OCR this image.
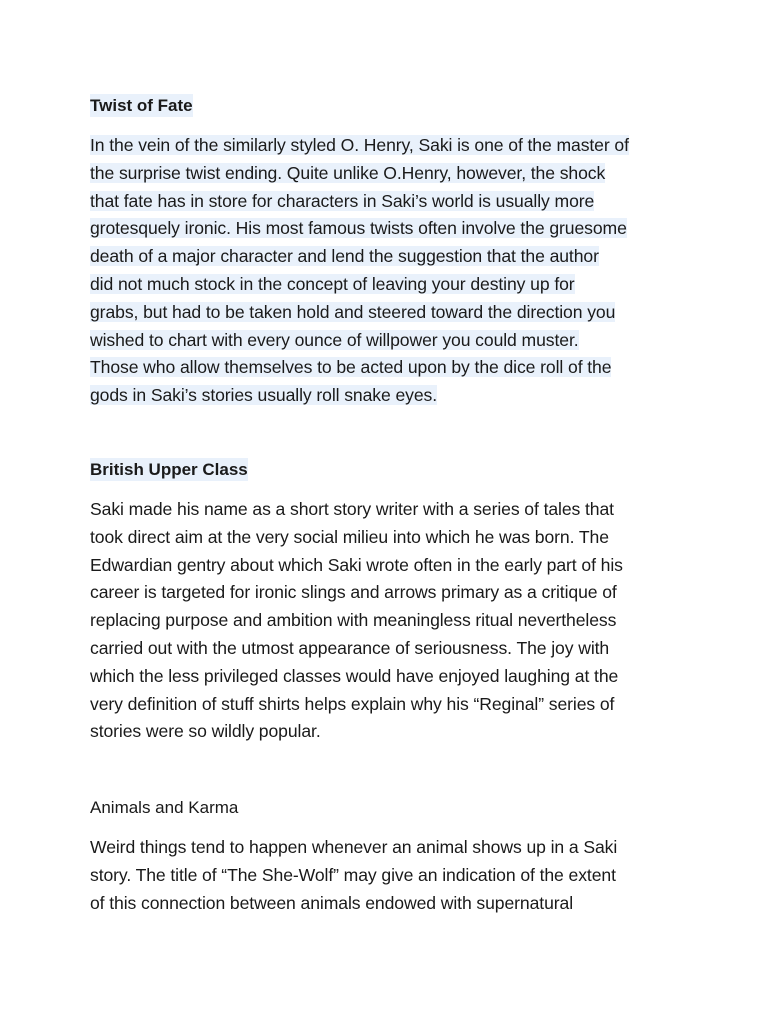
Twist of Fate

In the vein of the similarly styled O. Henry, Saki is one of the master of
the surprise twist ending. Quite unlike O.Henry, however, the shock
that fate has in store for characters in Saki’s world is usually more
grotesquely ironic. His most famous twists often involve the gruesome
death of a major character and lend the suggestion that the author
did not much stock in the concept of leaving your destiny up for
grabs, but had to be taken hold and steered toward the direction you
wished to chart with every ounce of willpower you could muster.
Those who allow themselves to be acted upon by the dice roll of the
gods in Saki’s stories usually roll snake eyes.

British Upper Class

Saki made his name as a short story writer with a series of tales that
took direct aim at the very social milieu into which he was born. The
Edwardian gentry about which Saki wrote often in the early part of his
career is targeted for ironic slings and arrows primary as a critique of
replacing purpose and ambition with meaningless ritual nevertheless
carried out with the utmost appearance of seriousness. The joy with
which the less privileged classes would have enjoyed laughing at the
very definition of stuff shirts helps explain why his “Reginal” series of
stories were so wildly popular.

Animals and Karma

Weird things tend to happen whenever an animal shows up in a Saki
story. The title of “The She-Wolf” may give an indication of the extent
of this connection between animals endowed with supernatural
